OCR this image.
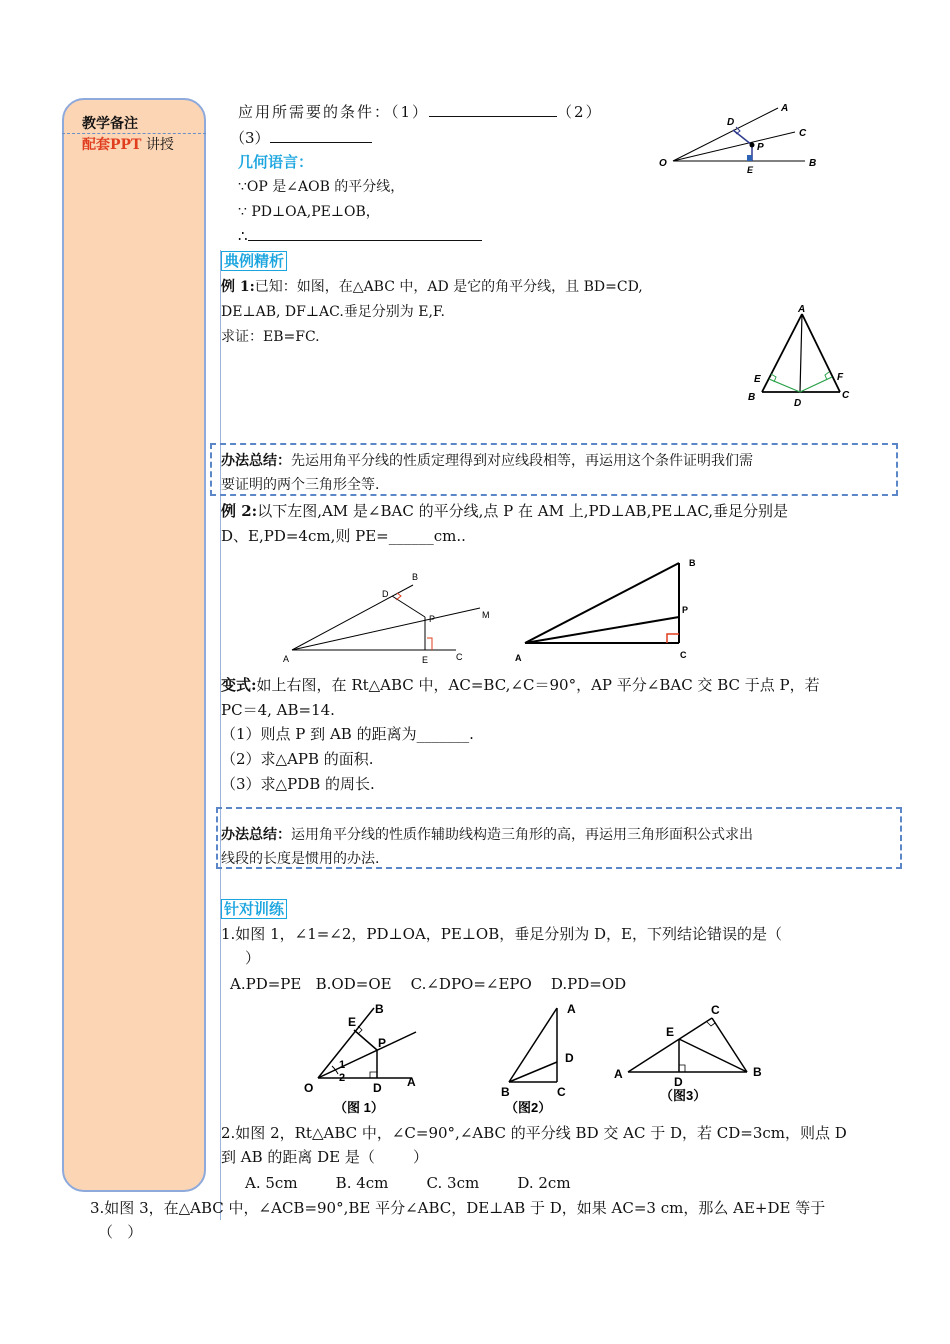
教学备注
配套PPT 讲授
应用所需要的条件：（1）	（2）
（3）
几何语言：
∵OP 是∠AOB 的平分线，
∵ PD⊥OA,PE⊥OB，
∴
O
A
C
B
D
P
E
典例精析
例 1:已知：如图，在△ABC 中，AD 是它的角平分线，且 BD=CD,
DE⊥AB, DF⊥AC.垂足分别为 E,F.
求证：EB=FC.
A
B	C
D
E	F
办法总结：先运用角平分线的性质定理得到对应线段相等，再运用这个条件证明我们需
要证明的两个三角形全等.
例 2:以下左图,AM 是∠BAC 的平分线,点 P 在 AM 上,PD⊥AB,PE⊥AC,垂足分别是
D、E,PD=4cm,则 PE=______cm..
A
B
D
P	M
E	C	A
B
P
C
变式:如上右图，在 Rt△ABC 中，AC=BC,∠C＝90°，AP 平分∠BAC 交 BC 于点 P，若
PC＝4, AB=14.
（1）则点 P 到 AB 的距离为_______.
（2）求△APB 的面积.
（3）求△PDB 的周长.
办法总结：运用角平分线的性质作辅助线构造三角形的高，再运用三角形面积公式求出
线段的长度是惯用的办法.
针对训练
1.如图 1，∠1=∠2，PD⊥OA，PE⊥OB，垂足分别为 D，E，下列结论错误的是（
）
A.PD=PE   B.OD=OE    C.∠DPO=∠EPO    D.PD=OD
B
E
P
1
2
O	D A
（图 1）
A
D
B	C
（图2）
A
C
E
D
B
（图3）
2.如图 2，Rt△ABC 中，∠C=90°,∠ABC 的平分线 BD 交 AC 于 D，若 CD=3cm，则点 D
到 AB 的距离 DE 是（        ）
A. 5cm        B. 4cm        C. 3cm        D. 2cm
3.如图 3，在△ABC 中，∠ACB=90°,BE 平分∠ABC，DE⊥AB 于 D，如果 AC=3 cm，那么 AE+DE 等于
（   ）
